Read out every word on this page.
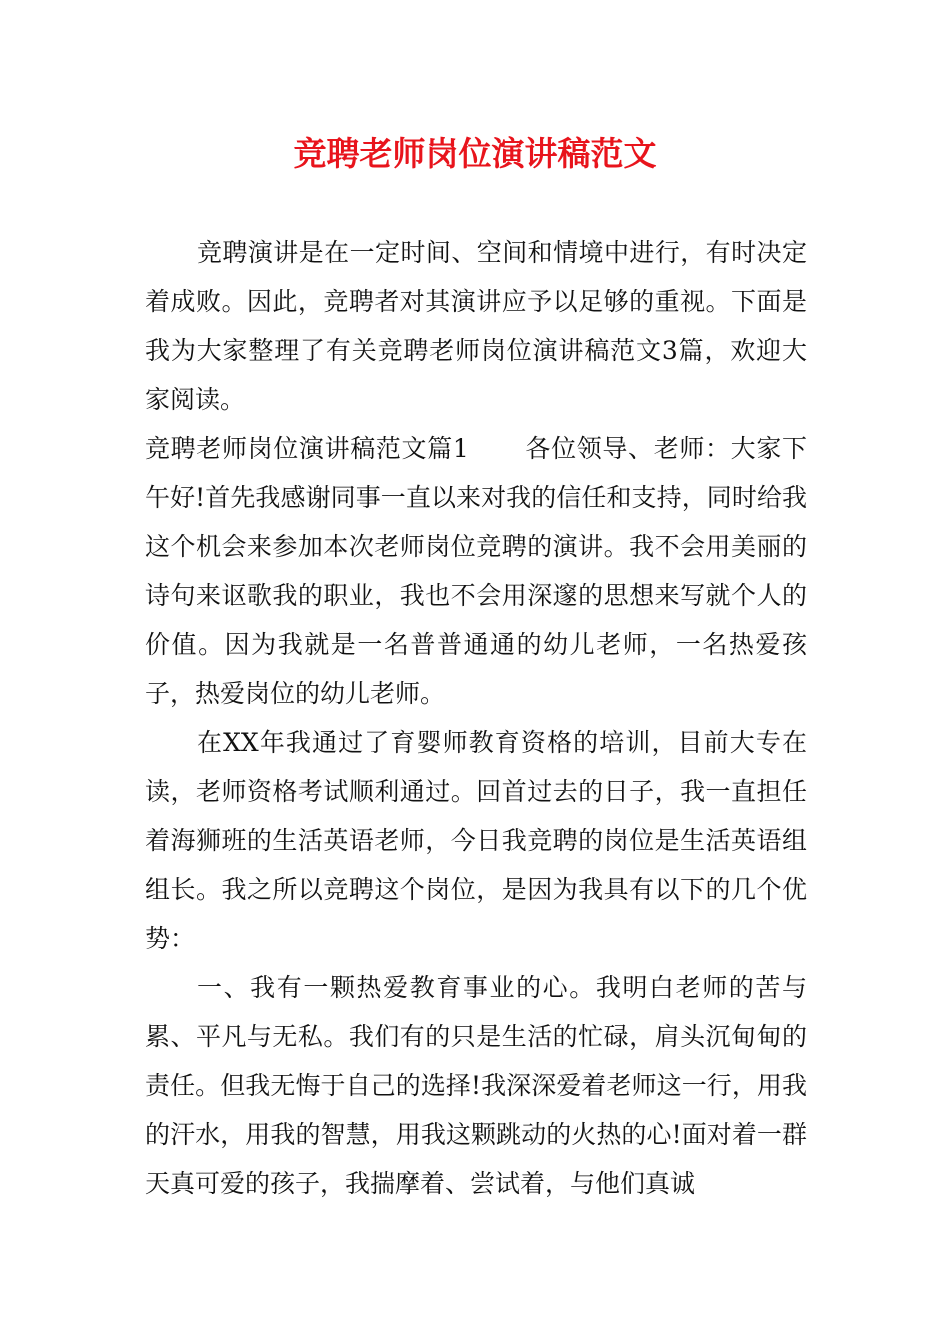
竞聘老师岗位演讲稿范文

竞聘演讲是在一定时间、空间和情境中进行，有时决定着成败。因此，竞聘者对其演讲应予以足够的重视。下面是我为大家整理了有关竞聘老师岗位演讲稿范文3篇，欢迎大家阅读。

竞聘老师岗位演讲稿范文篇1 各位领导、老师：大家下午好!首先我感谢同事一直以来对我的信任和支持，同时给我这个机会来参加本次老师岗位竞聘的演讲。我不会用美丽的诗句来讴歌我的职业，我也不会用深邃的思想来写就个人的价值。因为我就是一名普普通通的幼儿老师，一名热爱孩子，热爱岗位的幼儿老师。

在XX年我通过了育婴师教育资格的培训，目前大专在读，老师资格考试顺利通过。回首过去的日子，我一直担任着海狮班的生活英语老师，今日我竞聘的岗位是生活英语组组长。我之所以竞聘这个岗位，是因为我具有以下的几个优势：

一、我有一颗热爱教育事业的心。我明白老师的苦与累、平凡与无私。我们有的只是生活的忙碌，肩头沉甸甸的责任。但我无悔于自己的选择!我深深爱着老师这一行，用我的汗水，用我的智慧，用我这颗跳动的火热的心!面对着一群天真可爱的孩子，我揣摩着、尝试着，与他们真诚
